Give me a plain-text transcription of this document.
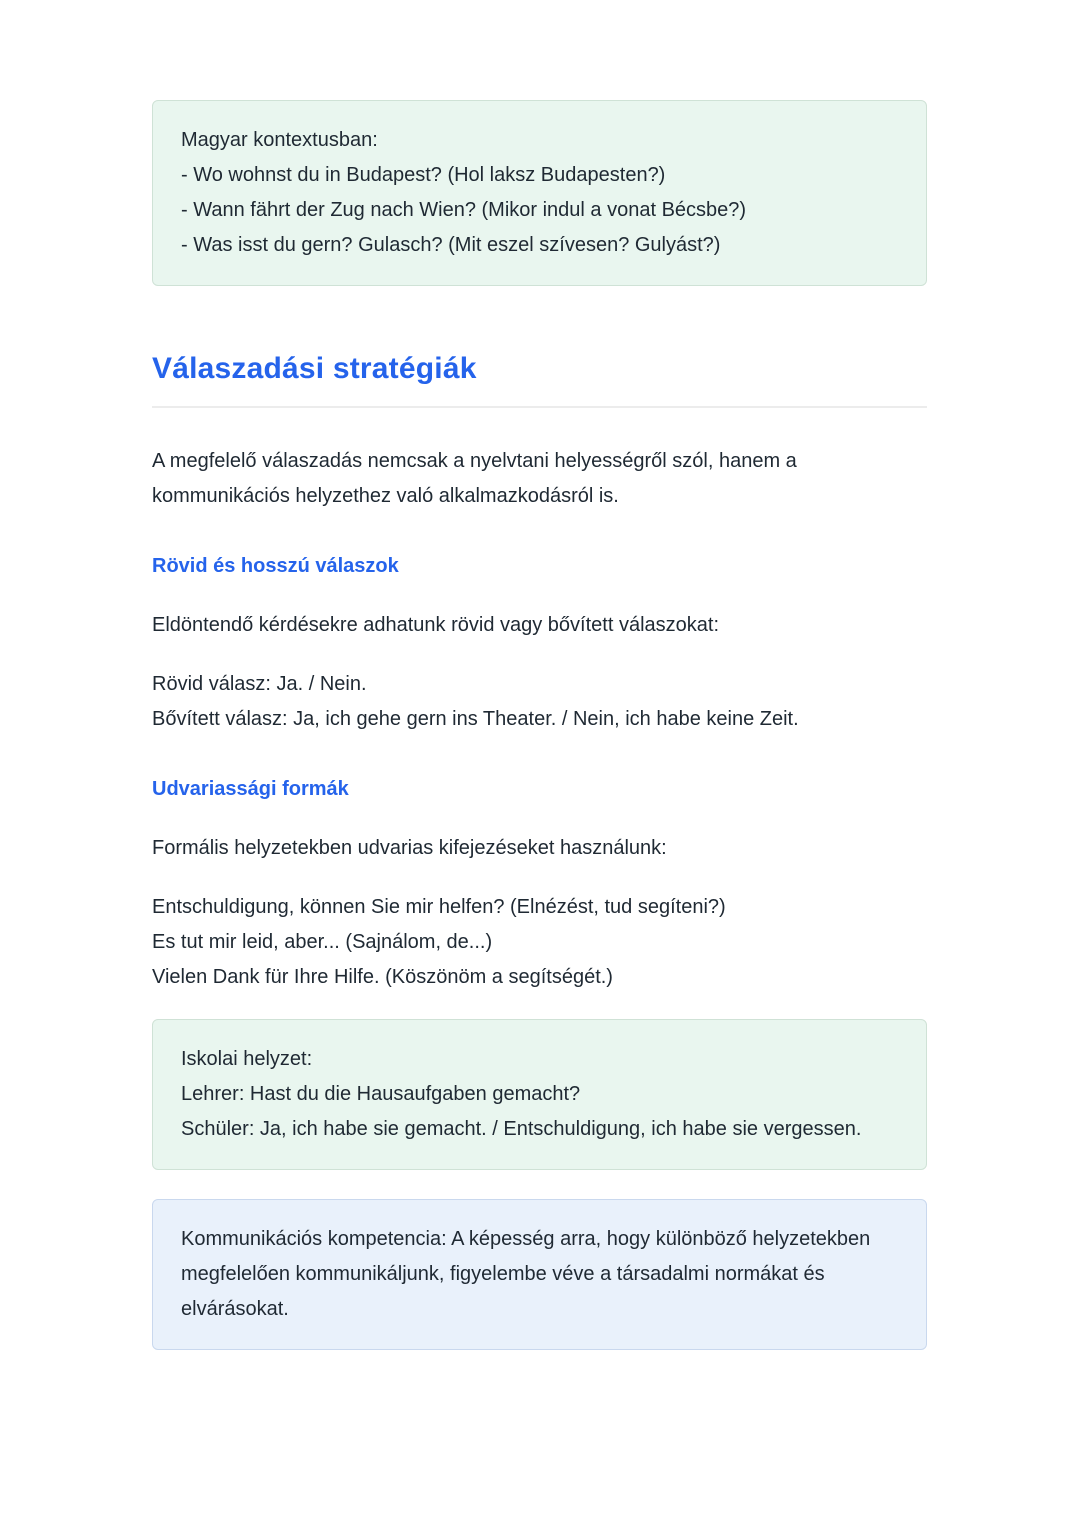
Magyar kontextusban:

- Wo wohnst du in Budapest? (Hol laksz Budapesten?)

- Wann fährt der Zug nach Wien? (Mikor indul a vonat Bécsbe?)

- Was isst du gern? Gulasch? (Mit eszel szívesen? Gulyást?)

Válaszadási stratégiák

A megfelelő válaszadás nemcsak a nyelvtani helyességről szól, hanem a kommunikációs helyzethez való alkalmazkodásról is.

Rövid és hosszú válaszok

Eldöntendő kérdésekre adhatunk rövid vagy bővített válaszokat:

Rövid válasz: Ja. / Nein.

Bővített válasz: Ja, ich gehe gern ins Theater. / Nein, ich habe keine Zeit.

Udvariassági formák

Formális helyzetekben udvarias kifejezéseket használunk:

Entschuldigung, können Sie mir helfen? (Elnézést, tud segíteni?)

Es tut mir leid, aber... (Sajnálom, de...)

Vielen Dank für Ihre Hilfe. (Köszönöm a segítségét.)

Iskolai helyzet:

Lehrer: Hast du die Hausaufgaben gemacht?

Schüler: Ja, ich habe sie gemacht. / Entschuldigung, ich habe sie vergessen.

Kommunikációs kompetencia: A képesség arra, hogy különböző helyzetekben megfelelően kommunikáljunk, figyelembe véve a társadalmi normákat és elvárásokat.
